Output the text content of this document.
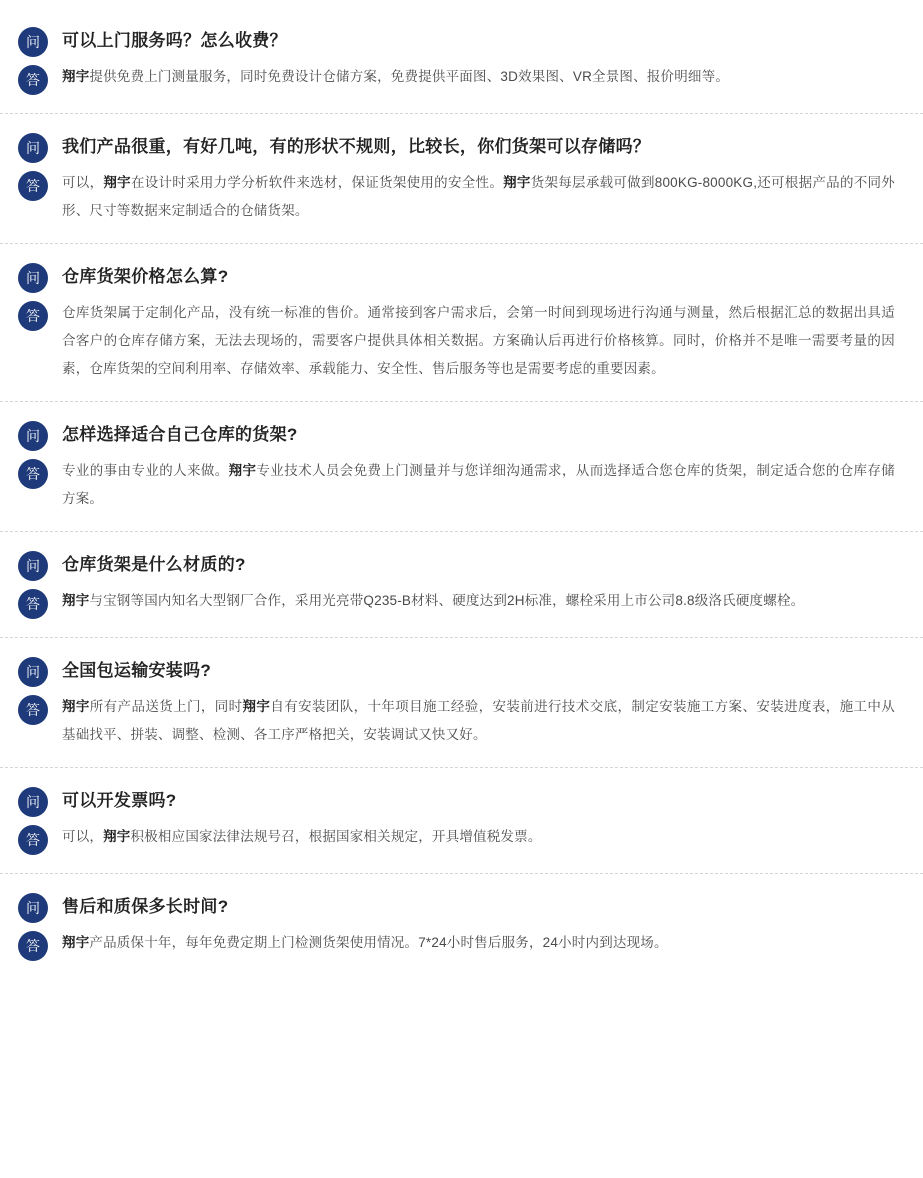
问	可以上门服务吗？怎么收费？
答	翔宇提供免费上门测量服务，同时免费设计仓储方案，免费提供平面图、3D效果图、VR全景图、报价明细等。
问	我们产品很重，有好几吨，有的形状不规则，比较长，你们货架可以存储吗？
答	可以，翔宇在设计时采用力学分析软件来选材，保证货架使用的安全性。翔宇货架每层承载可做到800KG-8000KG,还可根据产品的不同外形、尺寸等数据来定制适合的仓储货架。
问	仓库货架价格怎么算?
答	仓库货架属于定制化产品，没有统一标准的售价。通常接到客户需求后，会第一时间到现场进行沟通与测量，然后根据汇总的数据出具适合客户的仓库存储方案，无法去现场的，需要客户提供具体相关数据。方案确认后再进行价格核算。同时，价格并不是唯一需要考量的因素，仓库货架的空间利用率、存储效率、承载能力、安全性、售后服务等也是需要考虑的重要因素。
问	怎样选择适合自己仓库的货架?
答	专业的事由专业的人来做。翔宇专业技术人员会免费上门测量并与您详细沟通需求，从而选择适合您仓库的货架，制定适合您的仓库存储方案。
问	仓库货架是什么材质的?
答	翔宇与宝钢等国内知名大型钢厂合作，采用光亮带Q235-B材料、硬度达到2H标准，螺栓采用上市公司8.8级洛氏硬度螺栓。
问	全国包运输安装吗?
答	翔宇所有产品送货上门，同时翔宇自有安装团队，十年项目施工经验，安装前进行技术交底，制定安装施工方案、安装进度表，施工中从基础找平、拼装、调整、检测、各工序严格把关，安装调试又快又好。
问	可以开发票吗?
答	可以，翔宇积极相应国家法律法规号召，根据国家相关规定，开具增值税发票。
问	售后和质保多长时间?
答	翔宇产品质保十年，每年免费定期上门检测货架使用情况。7*24小时售后服务，24小时内到达现场。
